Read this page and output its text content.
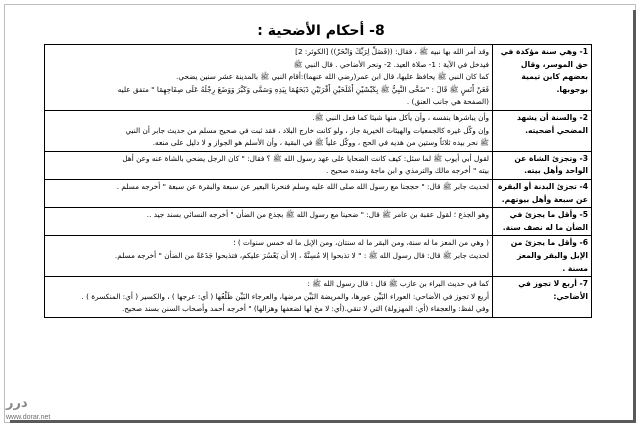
8- أحكام الأضحية :
1- وهي سنة مؤكدة في حق الموسر، وقال بعضهم كابن تيمية بوجوبها.	وقد أمر الله بها نبيه ﷺ ، فقال: ((فَصَلِّ لِرَبِّكَ وَانْحَرْ)) [الكوثر: 2]
فيدخل في الآية : 1- صلاة العيد. 2- ونحر الأضاحي . قال النبي ﷺ
كما كان النبي ﷺ يحافظ عليها، قال ابن عمر(رضي الله عنهما):أقام النبي ﷺ بالمدينة عشر سنين يضحي.
فَعَنْ أَنَسٍ ﷺ قَالَ : "ضَحَّى النَّبِيُّ ﷺ بِكَبْشَيْنِ أَمْلَحَيْنِ أَقْرَنَيْنِ ذَبَحَهُمَا بِيَدِهِ وَسَمَّى وَكَبَّرَ وَوَضَعَ رِجْلَهُ عَلَى صِفَاحِهِمَا " متفق عليه
(الصفحة هي جانب العنق) .

2- والسنة أن يشهد المضحي أضحيته.	وأن يباشرها بنفسه ، وأن يأكل منها شيئا كما فعل النبي ﷺ.
وإن وكّل غيره كالجمعيات والهيئات الخيرية جاز ، ولو كانت خارج البلاد ، فقد ثبت في صحيح مسلم من حديث جابر أن النبي
ﷺ نحر بيده ثلاثاً وستين من هديه في الحج ، ووكّل علياً ﷺ في البقية ، وأن الأسلم هو الجواز و لا دليل على منعه.

3- وتجزئ الشاة عن الواحد وأهل بيته.	لقول أبي أيوب ﷺ لما سئل: كيف كانت الضحايا على عهد رسول الله ﷺ ؟ فقال: " كان الرجل يضحي بالشاة عنه وعن أهل
بيته " أخرجه مالك والترمذي و ابن ماجة ومنده صحيح .

4- تجزئ البدنة أو البقرة عن سبعة وأهل بيوتهم.	لحديث جابر ﷺ قال: " حججنا مع رسول الله صلى الله عليه وسلم فنحرنا البعير عن سبعة والبقرة عن سبعة " أخرجه مسلم .

5- وأقل ما يجزئ في الضأن ما له نصف سنة.	وهو الجذع ؛ لقول عقبة بن عامر ﷺ قال: " ضحينا مع رسول الله ﷺ بجذع من الضأن " أخرجه النسائي بسند جيد ..

6- وأقل ما يجزئ من الإبل والبقر والمعز مسنة .	( وهي من المعز ما له سنة، ومن البقر ما له سنتان، ومن الإبل ما له خمس سنوات ) ؛
لحديث جابر ﷺ قال: قال رسول الله ﷺ : " لا تذبحوا إلا مُسِنَّةً ، إلا أن يَعْسُرَ عليكم، فتذبحوا جَذَعَةً من الضأن " أخرجه مسلم.

7- أربع لا تجوز في الأضاحي:	كما في حديث البراء بن عازب ﷺ قال : قال رسول الله ﷺ :
أربع لا تجوز في الأضاحي: العوراء البَيِّن عورها، والمريضة البَيِّن مرضها، والعرجاء البَيِّن ظَلْعُها ( أي: عرجها ) ، والكسير ( أي: المنكسرة ) .
وفي لفظ: والعجفاء (أي: المهزولة) التي لا تنقي.(أي: لا مخ لها لضعفها وهزالها) " أخرجه أحمد وأصحاب السنن بسند صحيح.
درر
www.dorar.net
